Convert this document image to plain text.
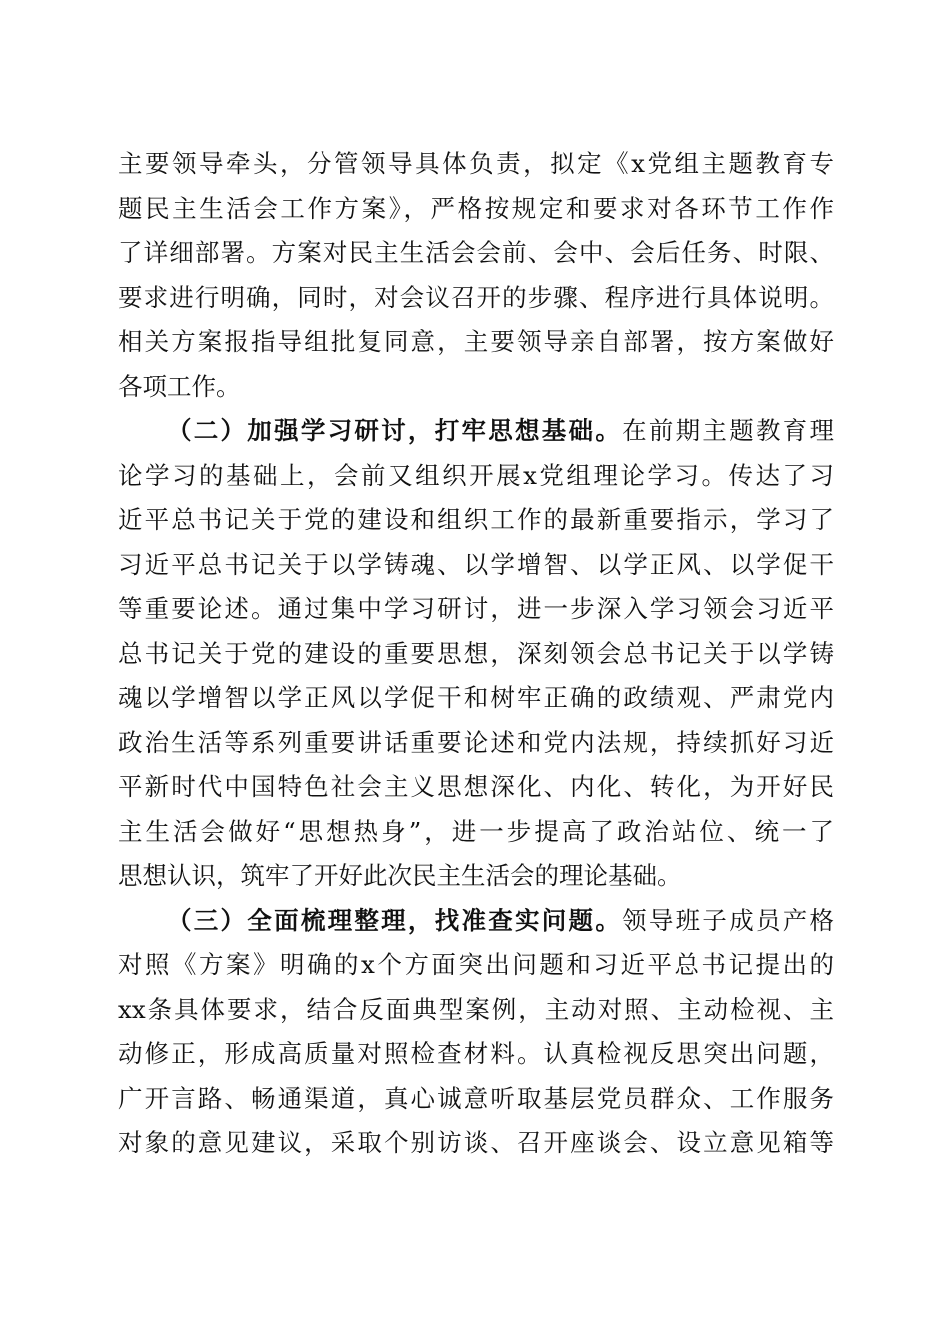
主要领导牵头，分管领导具体负责，拟定《x党组主题教育专
题民主生活会工作方案》，严格按规定和要求对各环节工作作
了详细部署。方案对民主生活会会前、会中、会后任务、时限、
要求进行明确，同时，对会议召开的步骤、程序进行具体说明。
相关方案报指导组批复同意，主要领导亲自部署，按方案做好
各项工作。
（二）加强学习研讨，打牢思想基础。在前期主题教育理
论学习的基础上，会前又组织开展x党组理论学习。传达了习
近平总书记关于党的建设和组织工作的最新重要指示，学习了
习近平总书记关于以学铸魂、以学增智、以学正风、以学促干
等重要论述。通过集中学习研讨，进一步深入学习领会习近平
总书记关于党的建设的重要思想，深刻领会总书记关于以学铸
魂以学增智以学正风以学促干和树牢正确的政绩观、严肃党内
政治生活等系列重要讲话重要论述和党内法规，持续抓好习近
平新时代中国特色社会主义思想深化、内化、转化，为开好民
主生活会做好“思想热身”，进一步提高了政治站位、统一了
思想认识，筑牢了开好此次民主生活会的理论基础。
（三）全面梳理整理，找准查实问题。领导班子成员产格
对照《方案》明确的x个方面突出问题和习近平总书记提出的
xx条具体要求，结合反面典型案例，主动对照、主动检视、主
动修正，形成高质量对照检查材料。认真检视反思突出问题，
广开言路、畅通渠道，真心诚意听取基层党员群众、工作服务
对象的意见建议，采取个别访谈、召开座谈会、设立意见箱等
